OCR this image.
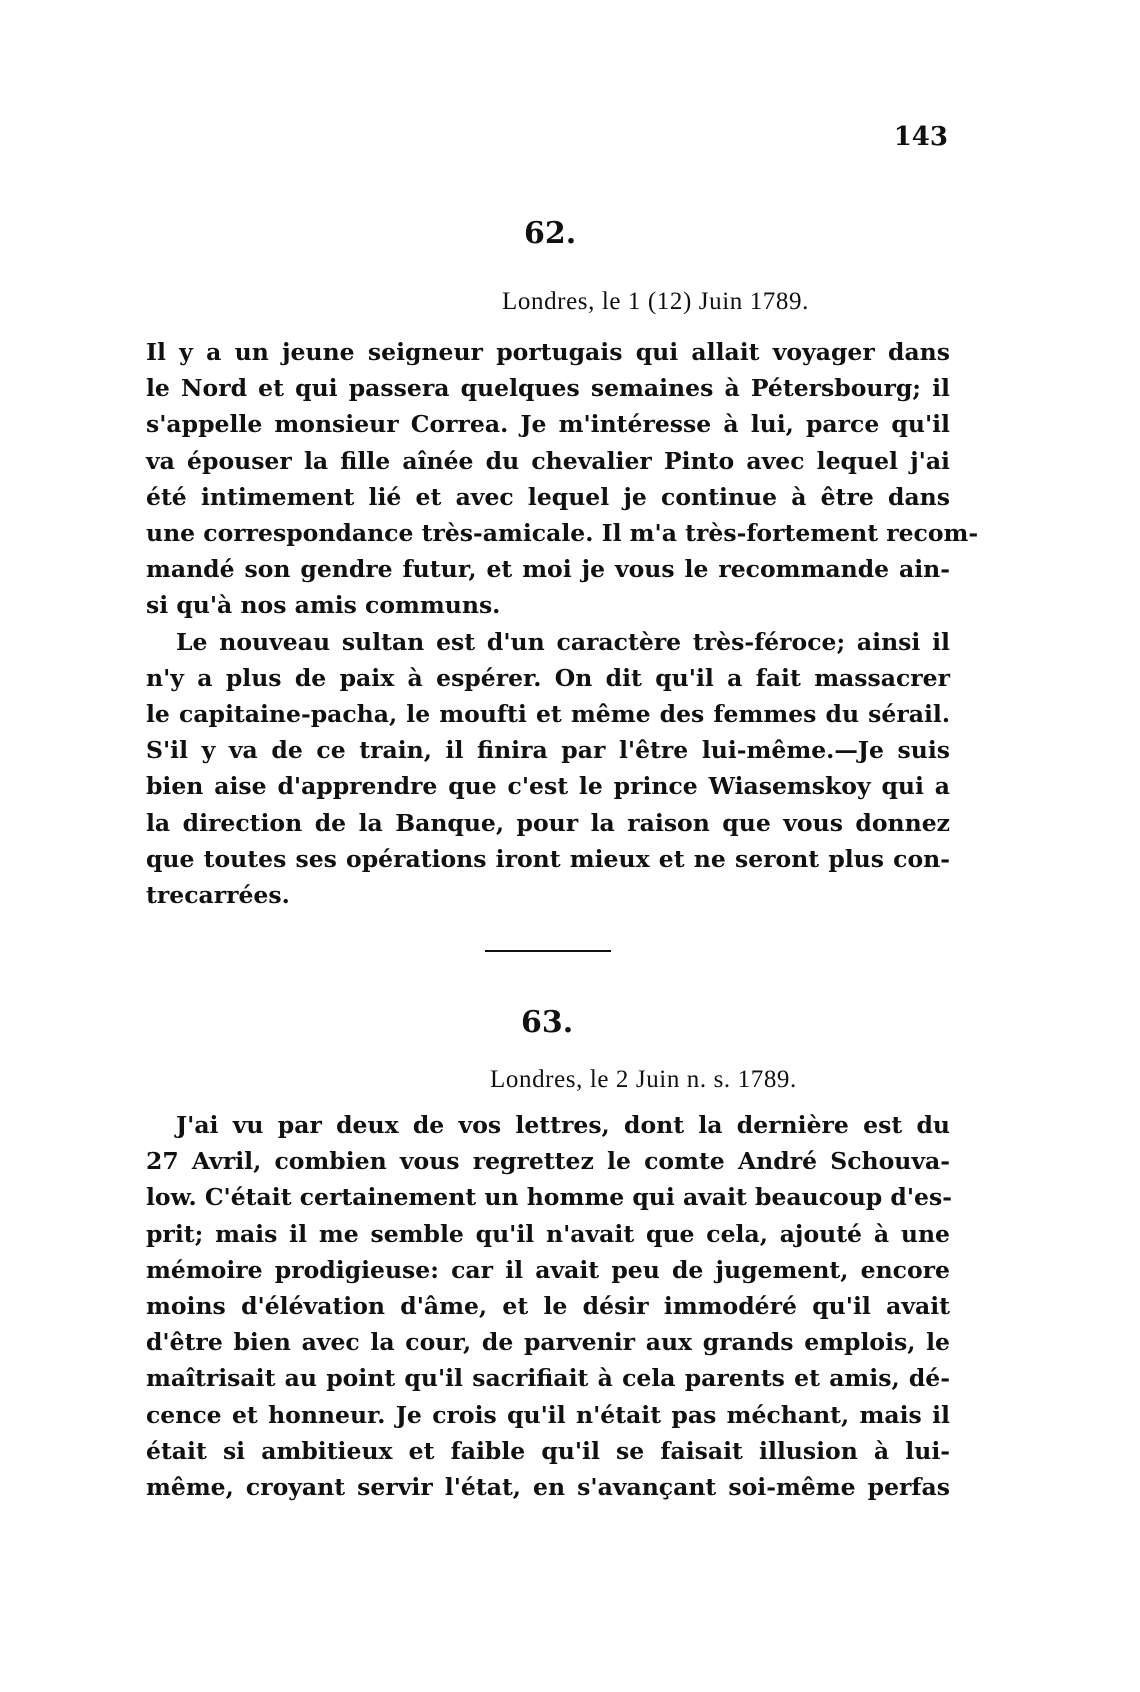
143
62.
Londres, le 1 (12) Juin 1789.
Il y a un jeune seigneur portugais qui allait voyager dans
le Nord et qui passera quelques semaines à Pétersbourg; il
s'appelle monsieur Correa. Je m'intéresse à lui, parce qu'il
va épouser la fille aînée du chevalier Pinto avec lequel j'ai
été intimement lié et avec lequel je continue à être dans
une correspondance très-amicale. Il m'a très-fortement recom-
mandé son gendre futur, et moi je vous le recommande ain-
si qu'à nos amis communs.
Le nouveau sultan est d'un caractère très-féroce; ainsi il
n'y a plus de paix à espérer. On dit qu'il a fait massacrer
le capitaine-pacha, le moufti et même des femmes du sérail.
S'il y va de ce train, il finira par l'être lui-même.—Je suis
bien aise d'apprendre que c'est le prince Wiasemskoy qui a
la direction de la Banque, pour la raison que vous donnez
que toutes ses opérations iront mieux et ne seront plus con-
trecarrées.
63.
Londres, le 2 Juin n. s. 1789.
J'ai vu par deux de vos lettres, dont la dernière est du
27 Avril, combien vous regrettez le comte André Schouva-
low. C'était certainement un homme qui avait beaucoup d'es-
prit; mais il me semble qu'il n'avait que cela, ajouté à une
mémoire prodigieuse: car il avait peu de jugement, encore
moins d'élévation d'âme, et le désir immodéré qu'il avait
d'être bien avec la cour, de parvenir aux grands emplois, le
maîtrisait au point qu'il sacrifiait à cela parents et amis, dé-
cence et honneur. Je crois qu'il n'était pas méchant, mais il
était si ambitieux et faible qu'il se faisait illusion à lui-
même, croyant servir l'état, en s'avançant soi-même perfas
